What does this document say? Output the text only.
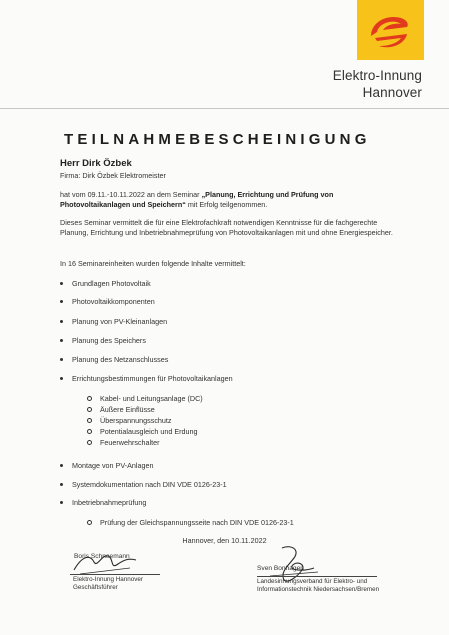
Elektro-Innung
Hannover
TEILNAHMEBESCHEINIGUNG
Herr Dirk Özbek
Firma: Dirk Özbek Elektromeister
hat vom 09.11.-10.11.2022 an dem Seminar „Planung, Errichtung und Prüfung von Photovoltaikanlagen und Speichern“ mit Erfolg teilgenommen.
Dieses Seminar vermittelt die für eine Elektrofachkraft notwendigen Kenntnisse für die fachgerechte Planung, Errichtung und Inbetriebnahmeprüfung von Photovoltaikanlagen mit und ohne Energiespeicher.
In 16 Seminareinheiten wurden folgende Inhalte vermittelt:
Grundlagen Photovoltaik
Photovoltaikkomponenten
Planung von PV-Kleinanlagen
Planung des Speichers
Planung des Netzanschlusses
Errichtungsbestimmungen für Photovoltaikanlagen
Kabel- und Leitungsanlage (DC)
Äußere Einflüsse
Überspannungsschutz
Potentialausgleich und Erdung
Feuerwehrschalter
Montage von PV-Anlagen
Systemdokumentation nach DIN VDE 0126-23-1
Inbetriebnahmeprüfung
Prüfung der Gleichspannungsseite nach DIN VDE 0126-23-1
Hannover, den 10.11.2022
Boris Schneemann
Elektro-Innung Hannover
Geschäftsführer
Sven Bonhagen
Landesinnungsverband für Elektro- und
Informationstechnik Niedersachsen/Bremen
